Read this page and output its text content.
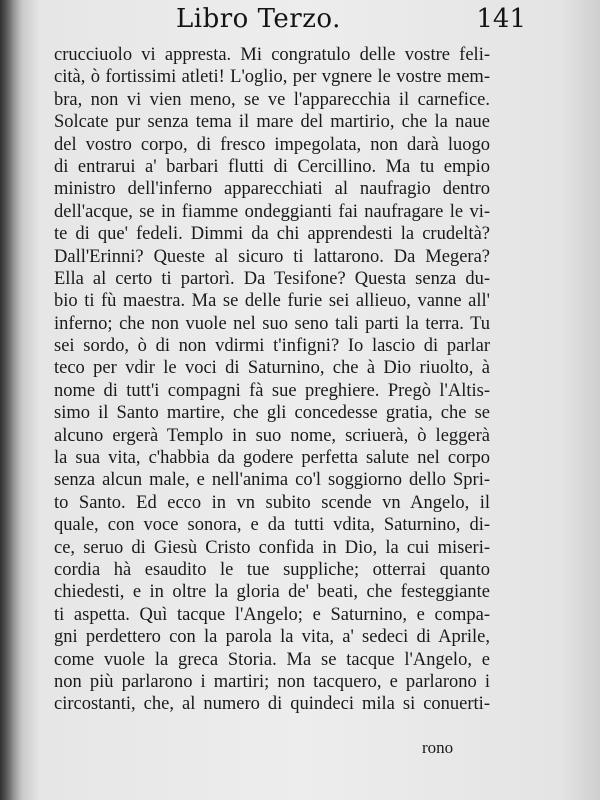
Libro Terzo.	141
crucciuolo vi appresta. Mi congratulo delle vostre feli-
cità, ò fortissimi atleti! L'oglio, per vgnere le vostre mem-
bra, non vi vien meno, se ve l'apparecchia il carnefice.
Solcate pur senza tema il mare del martirio, che la naue
del vostro corpo, di fresco impegolata, non darà luogo
di entrarui a' barbari flutti di Cercillino. Ma tu empio
ministro dell'inferno apparecchiati al naufragio dentro
dell'acque, se in fiamme ondeggianti fai naufragare le vi-
te di que' fedeli. Dimmi da chi apprendesti la crudeltà?
Dall'Erinni? Queste al sicuro ti lattarono. Da Megera?
Ella al certo ti partorì. Da Tesifone? Questa senza du-
bio ti fù maestra. Ma se delle furie sei allieuo, vanne all'
inferno; che non vuole nel suo seno tali parti la terra. Tu
sei sordo, ò di non vdirmi t'infigni? Io lascio di parlar
teco per vdir le voci di Saturnino, che à Dio riuolto, à
nome di tutt'i compagni fà sue preghiere. Pregò l'Altis-
simo il Santo martire, che gli concedesse gratia, che se
alcuno ergerà Templo in suo nome, scriuerà, ò leggerà
la sua vita, c'habbia da godere perfetta salute nel corpo
senza alcun male, e nell'anima co'l soggiorno dello Spri-
to Santo. Ed ecco in vn subito scende vn Angelo, il
quale, con voce sonora, e da tutti vdita, Saturnino, di-
ce, seruo di Giesù Cristo confida in Dio, la cui miseri-
cordia hà esaudito le tue suppliche; otterrai quanto
chiedesti, e in oltre la gloria de' beati, che festeggiante
ti aspetta. Quì tacque l'Angelo; e Saturnino, e compa-
gni perdettero con la parola la vita, a' sedeci di Aprile,
come vuole la greca Storia. Ma se tacque l'Angelo, e
non più parlarono i martiri; non tacquero, e parlarono i
circostanti, che, al numero di quindeci mila si conuerti-
rono
